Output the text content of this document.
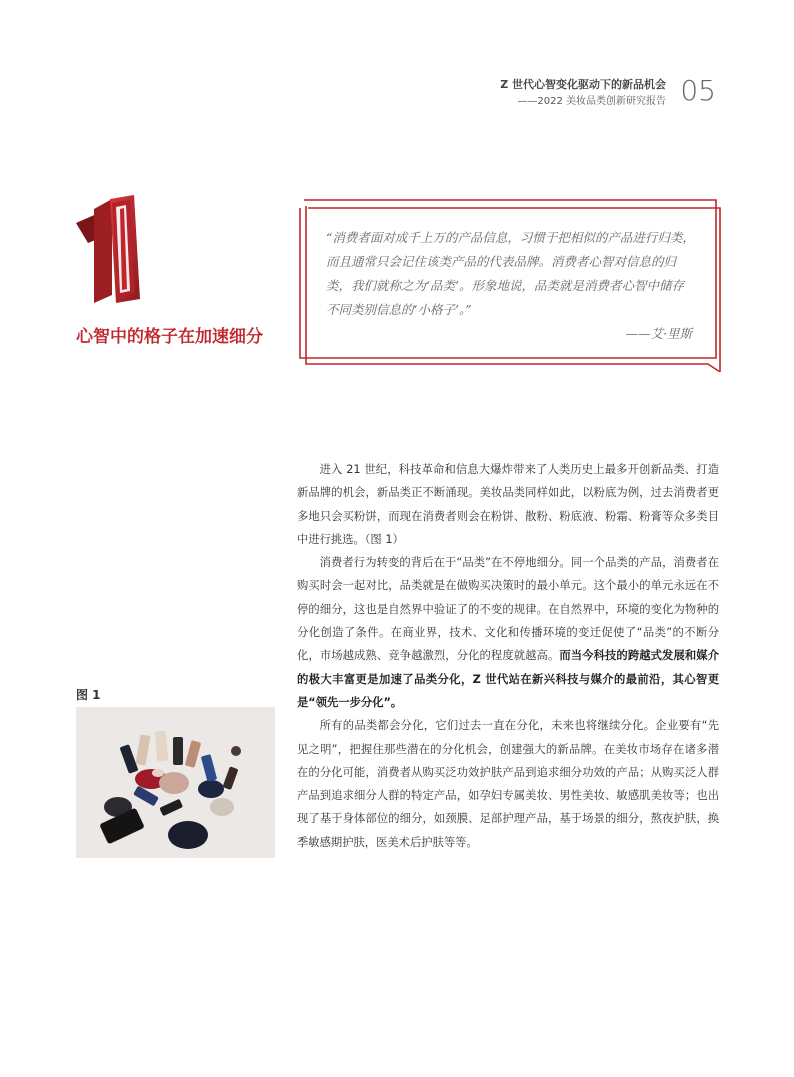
Z 世代心智变化驱动下的新品机会
——2022 美妆品类创新研究报告 05
心智中的格子在加速细分
“消费者面对成千上万的产品信息，习惯于把相似的产品进行归类，而且通常只会记住该类产品的代表品牌。消费者心智对信息的归类，我们就称之为‘品类’。形象地说，品类就是消费者心智中储存不同类别信息的‘小格子’。”
——艾·里斯

进入 21 世纪，科技革命和信息大爆炸带来了人类历史上最多开创新品类、打造新品牌的机会，新品类正不断涌现。美妆品类同样如此，以粉底为例，过去消费者更多地只会买粉饼，而现在消费者则会在粉饼、散粉、粉底液、粉霜、粉膏等众多类目中进行挑选。（图 1）

消费者行为转变的背后在于“品类”在不停地细分。同一个品类的产品，消费者在购买时会一起对比，品类就是在做购买决策时的最小单元。这个最小的单元永远在不停的细分，这也是自然界中验证了的不变的规律。在自然界中，环境的变化为物种的分化创造了条件。在商业界，技术、文化和传播环境的变迁促使了“品类”的不断分化，市场越成熟、竞争越激烈，分化的程度就越高。而当今科技的跨越式发展和媒介的极大丰富更是加速了品类分化，Z 世代站在新兴科技与媒介的最前沿，其心智更是“领先一步分化”。

所有的品类都会分化，它们过去一直在分化，未来也将继续分化。企业要有“先见之明”，把握住那些潜在的分化机会，创建强大的新品牌。在美妆市场存在诸多潜在的分化可能，消费者从购买泛功效护肤产品到追求细分功效的产品；从购买泛人群产品到追求细分人群的特定产品，如孕妇专属美妆、男性美妆、敏感肌美妆等；也出现了基于身体部位的细分，如颈膜、足部护理产品，基于场景的细分，熬夜护肤，换季敏感期护肤，医美术后护肤等等。

图 1
